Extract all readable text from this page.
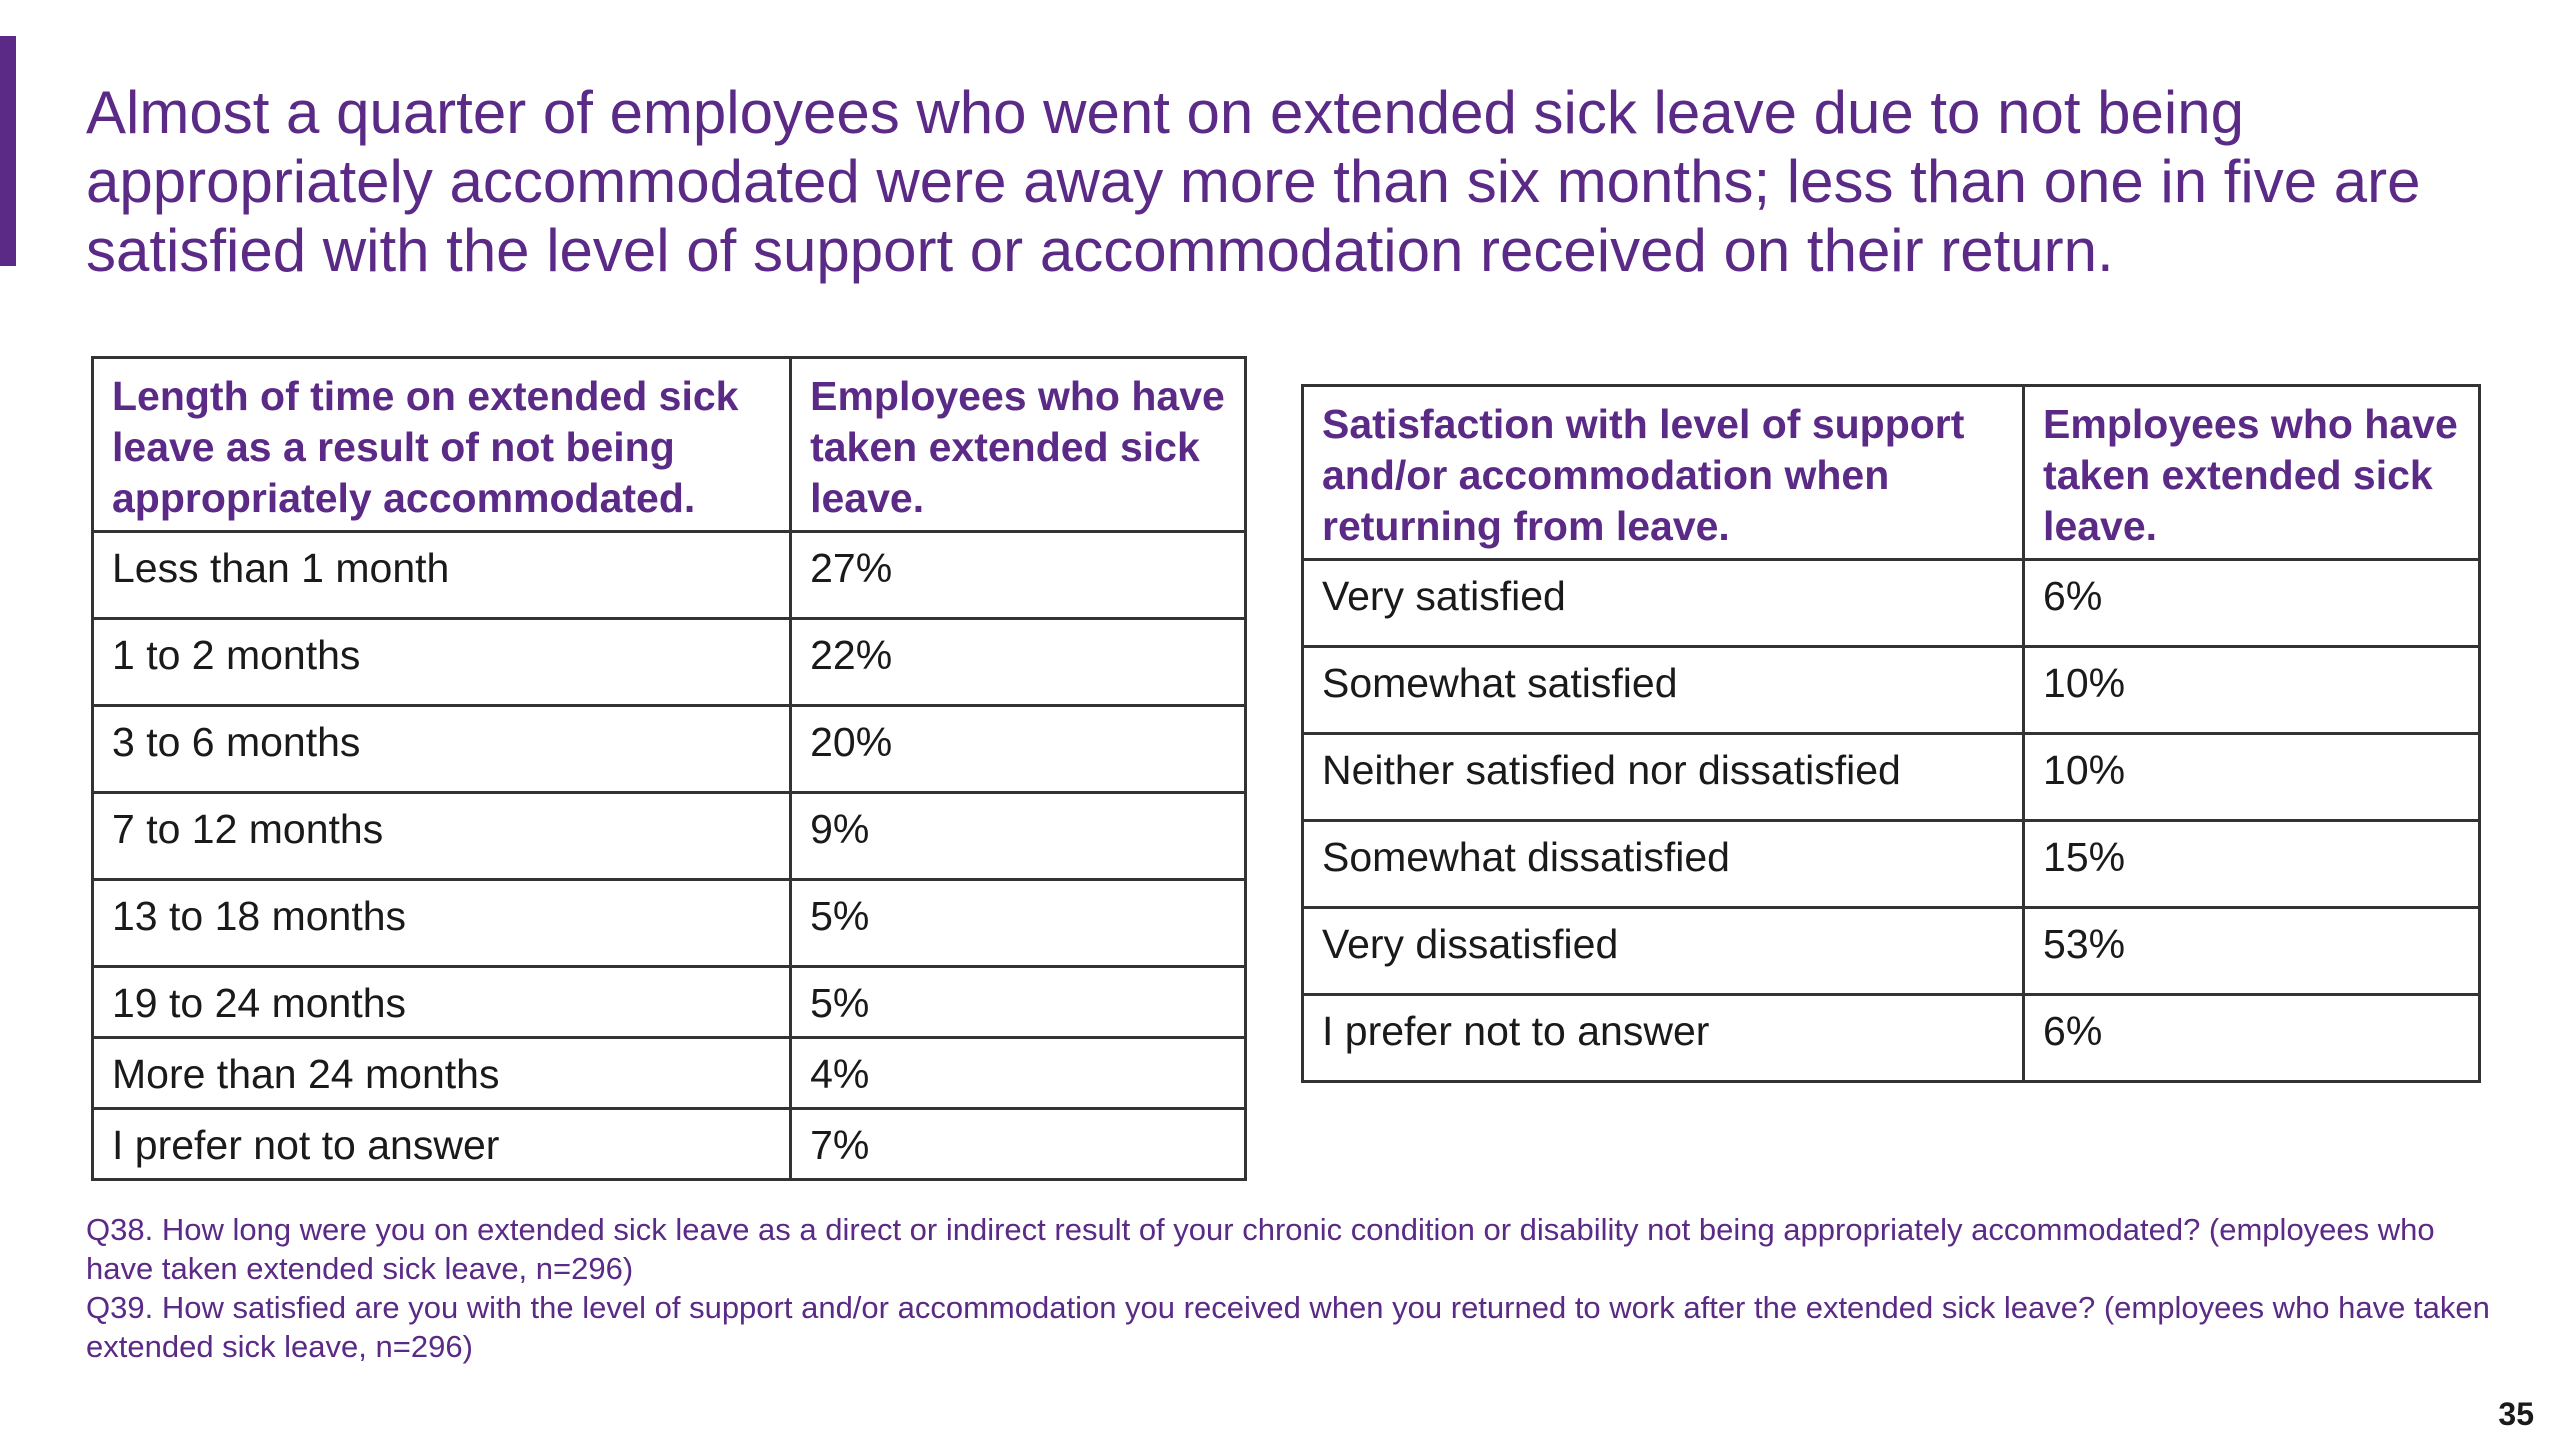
Almost a quarter of employees who went on extended sick leave due to not being appropriately accommodated were away more than six months; less than one in five are satisfied with the level of support or accommodation received on their return.
Length of time on extended sick leave as a result of not being appropriately accommodated.	Employees who have taken extended sick leave.
Less than 1 month	27%
1 to 2 months	22%
3 to 6 months	20%
7 to 12 months	9%
13 to 18 months	5%
19 to 24 months	5%
More than 24 months	4%
I prefer not to answer	7%
Satisfaction with level of support and/or accommodation when returning from leave.	Employees who have taken extended sick leave.
Very satisfied	6%
Somewhat satisfied	10%
Neither satisfied nor dissatisfied	10%
Somewhat dissatisfied	15%
Very dissatisfied	53%
I prefer not to answer	6%

Q38. How long were you on extended sick leave as a direct or indirect result of your chronic condition or disability not being appropriately accommodated? (employees who have taken extended sick leave, n=296)

Q39. How satisfied are you with the level of support and/or accommodation you received when you returned to work after the extended sick leave? (employees who have taken extended sick leave, n=296)

35
